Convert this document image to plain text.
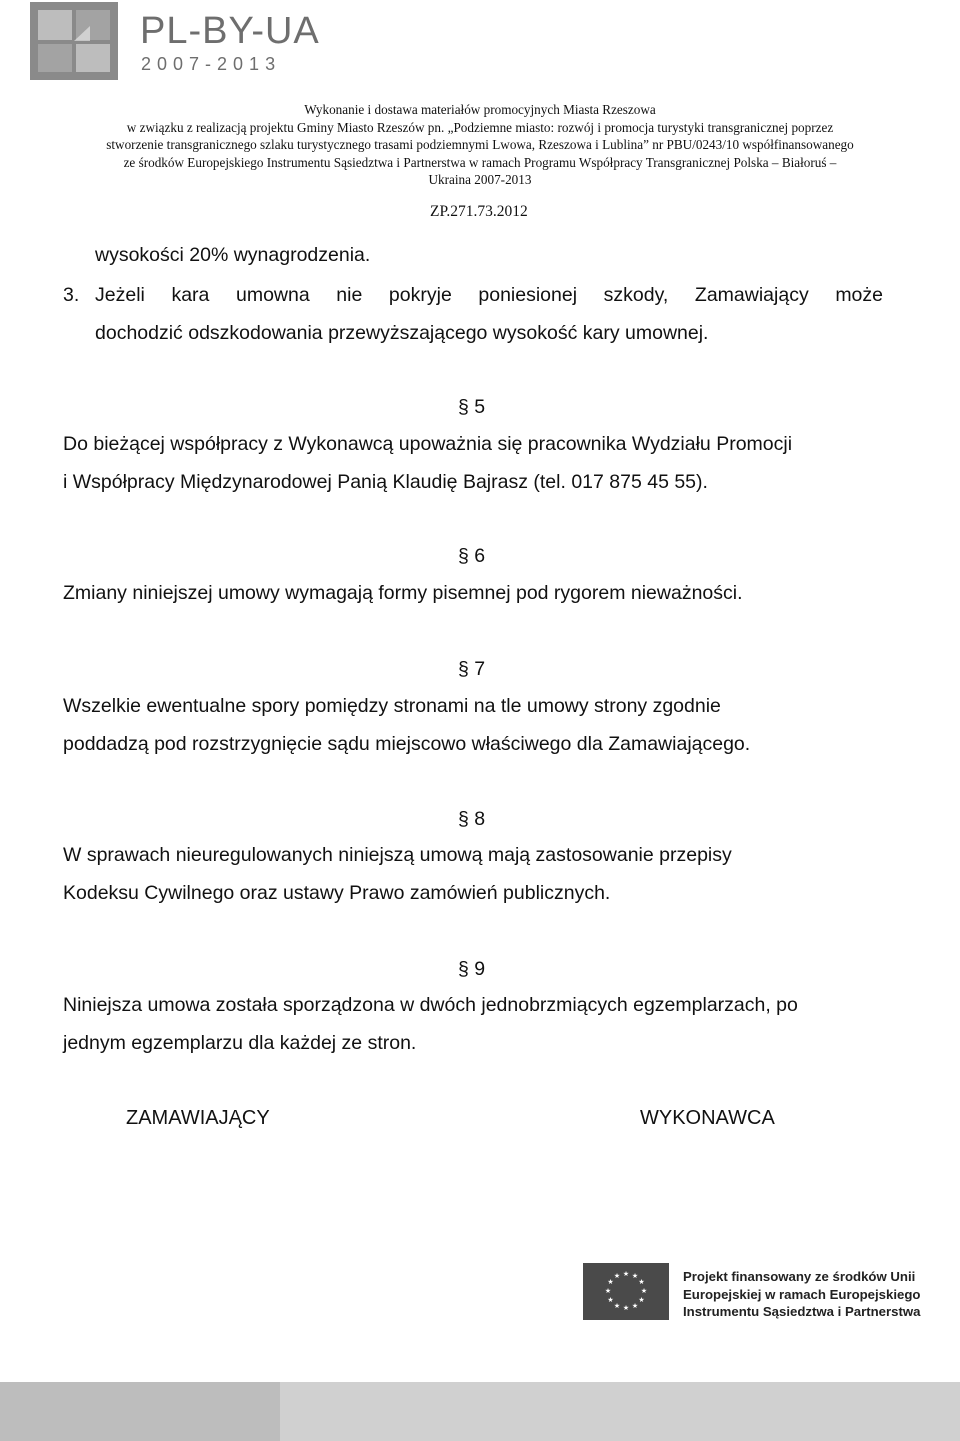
PL-BY-UA
2007-2013
Wykonanie i dostawa materiałów promocyjnych Miasta Rzeszowa
w związku z realizacją projektu Gminy Miasto Rzeszów pn. „Podziemne miasto: rozwój i promocja turystyki transgranicznej poprzez
stworzenie transgranicznego szlaku turystycznego trasami podziemnymi Lwowa, Rzeszowa i Lublina” nr PBU/0243/10 współfinansowanego
ze środków Europejskiego Instrumentu Sąsiedztwa i Partnerstwa w ramach Programu Współpracy Transgranicznej Polska – Białoruś –
Ukraina 2007-2013
ZP.271.73.2012
wysokości 20% wynagrodzenia.
3. Jeżeli kara umowna nie pokryje poniesionej szkody, Zamawiający może
dochodzić odszkodowania przewyższającego wysokość kary umownej.
§ 5
Do bieżącej współpracy z Wykonawcą upoważnia się pracownika Wydziału Promocji
i Współpracy Międzynarodowej Panią Klaudię Bajrasz (tel. 017 875 45 55).
§ 6
Zmiany niniejszej umowy wymagają formy pisemnej pod rygorem nieważności.
§ 7
Wszelkie ewentualne spory pomiędzy stronami na tle umowy strony zgodnie
poddadzą pod rozstrzygnięcie sądu miejscowo właściwego dla Zamawiającego.
§ 8
W sprawach nieuregulowanych niniejszą umową mają zastosowanie przepisy
Kodeksu Cywilnego oraz ustawy Prawo zamówień publicznych.
§ 9
Niniejsza umowa została sporządzona w dwóch jednobrzmiących egzemplarzach, po
jednym egzemplarzu dla każdej ze stron.
ZAMAWIAJĄCY	WYKONAWCA
★ ★
★
★
★
★
★
★
★
★
★
★	Projekt finansowany ze środków Unii
Europejskiej w ramach Europejskiego
Instrumentu Sąsiedztwa i Partnerstwa
